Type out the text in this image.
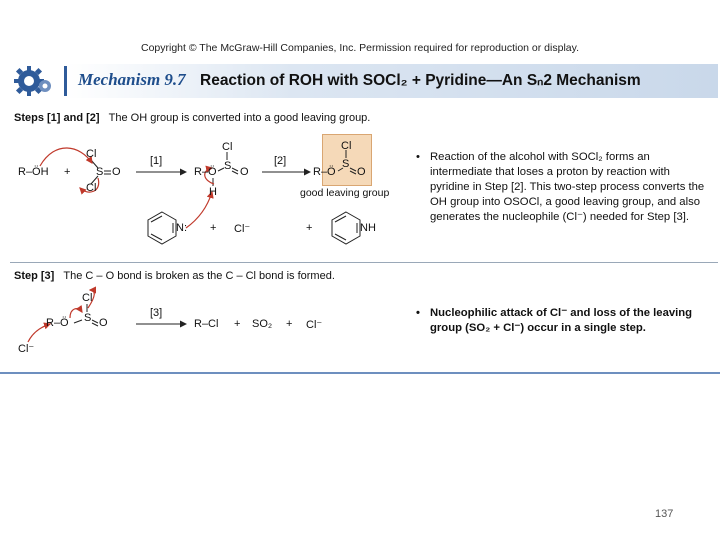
Copyright © The McGraw-Hill Companies, Inc. Permission required for reproduction or display.
Mechanism 9.7 Reaction of ROH with SOCl₂ + Pyridine—An Sₙ2 Mechanism
Steps [1] and [2] The OH group is converted into a good leaving group.
R–ÖH +
Cl
S O
Cl
[1]	[2]
Cl
R–Ö S O
H
Cl
R–Ö
S
O
good leaving group
N: + Cl⁻	+	NH
• Reaction of the alcohol with SOCl₂ forms an intermediate that loses a proton by reaction with pyridine in Step [2]. This two-step process converts the OH group into OSOCl, a good leaving group, and also generates the nucleophile (Cl⁻) needed for Step [3].
Step [3] The C – O bond is broken as the C – Cl bond is formed.
Cl
R–Ö S O
Cl⁻
[3]
R–Cl + SO₂ + Cl⁻
• Nucleophilic attack of Cl⁻ and loss of the leaving group (SO₂ + Cl⁻) occur in a single step.
137
